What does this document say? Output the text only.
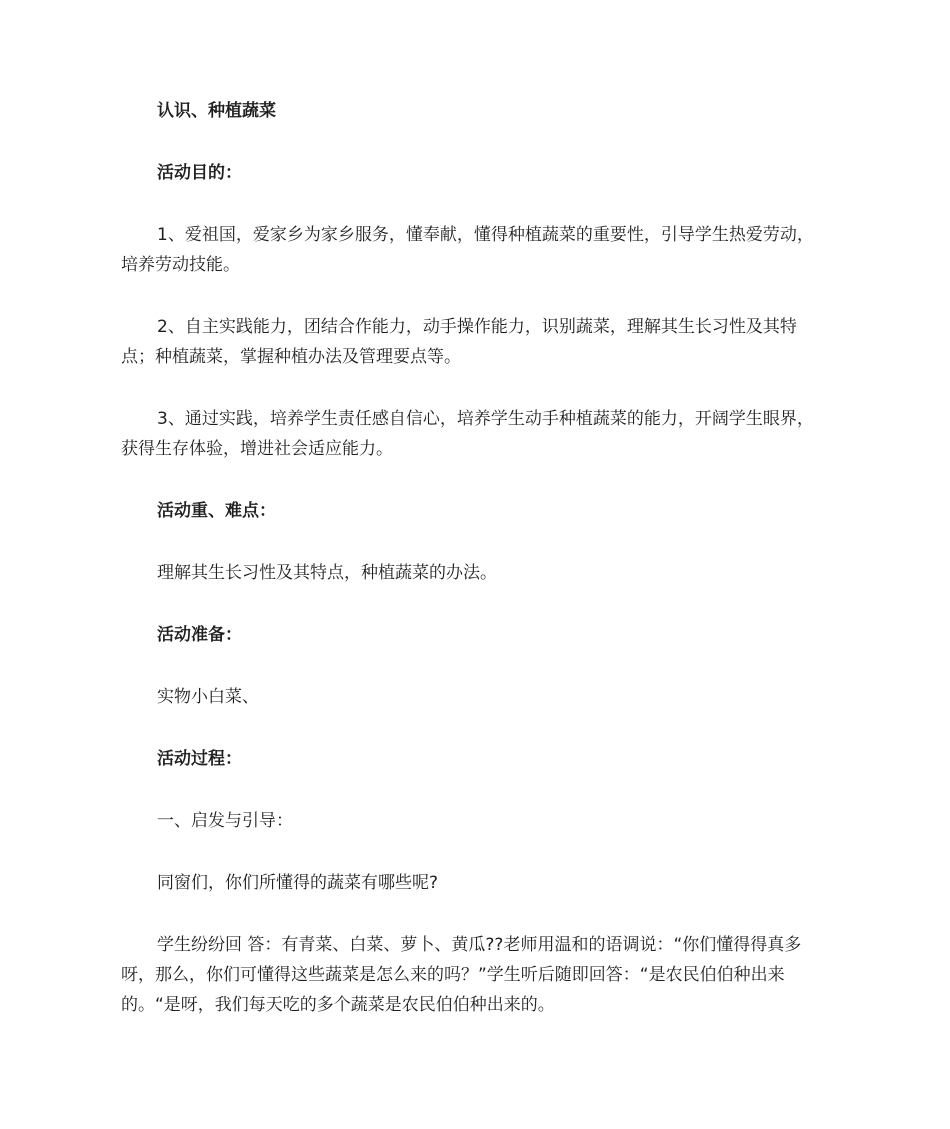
认识、种植蔬菜

活动目的：

1、爱祖国，爱家乡为家乡服务，懂奉献，懂得种植蔬菜的重要性，引导学生热爱劳动，培养劳动技能。

2、自主实践能力，团结合作能力，动手操作能力，识别蔬菜，理解其生长习性及其特点；种植蔬菜，掌握种植办法及管理要点等。

3、通过实践，培养学生责任感自信心，培养学生动手种植蔬菜的能力，开阔学生眼界，获得生存体验，增进社会适应能力。

活动重、难点：

理解其生长习性及其特点，种植蔬菜的办法。

活动准备：

实物小白菜、

活动过程：

一、启发与引导：

同窗们，你们所懂得的蔬菜有哪些呢?

学生纷纷回 答：有青菜、白菜、萝卜、黄瓜??老师用温和的语调说：“你们懂得得真多呀，那么，你们可懂得这些蔬菜是怎么来的吗？”学生听后随即回答：“是农民伯伯种出来的。“是呀，我们每天吃的多个蔬菜是农民伯伯种出来的。
